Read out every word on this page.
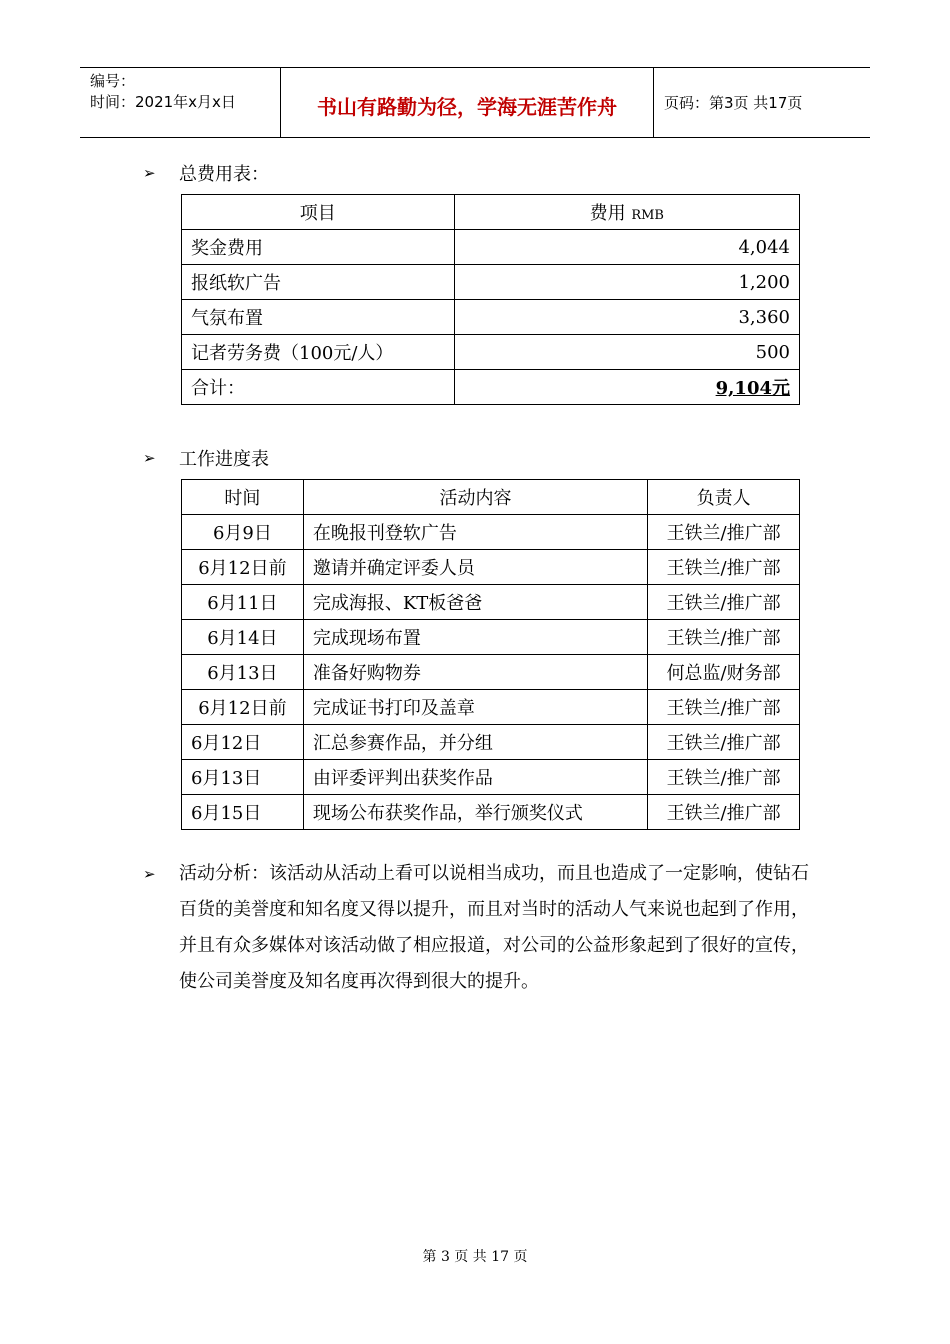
编号：
时间：2021年x月x日	书山有路勤为径，学海无涯苦作舟	页码：第3页 共17页
➢	总费用表：
项目	费用 RMB
奖金费用	4,044
报纸软广告	1,200
气氛布置	3,360
记者劳务费（100元/人）	500
合计：	9,104元
➢	工作进度表
时间	活动内容	负责人
6月9日	在晚报刊登软广告	王铁兰/推广部
6月12日前	邀请并确定评委人员	王铁兰/推广部
6月11日	完成海报、KT板爸爸	王铁兰/推广部
6月14日	完成现场布置	王铁兰/推广部
6月13日	准备好购物券	何总监/财务部
6月12日前	完成证书打印及盖章	王铁兰/推广部
6月12日	汇总参赛作品，并分组	王铁兰/推广部
6月13日	由评委评判出获奖作品	王铁兰/推广部
6月15日	现场公布获奖作品，举行颁奖仪式	王铁兰/推广部
➢ 活动分析：该活动从活动上看可以说相当成功，而且也造成了一定影响，使钻石百货的美誉度和知名度又得以提升，而且对当时的活动人气来说也起到了作用，并且有众多媒体对该活动做了相应报道，对公司的公益形象起到了很好的宣传，使公司美誉度及知名度再次得到很大的提升。
第 3 页 共 17 页
